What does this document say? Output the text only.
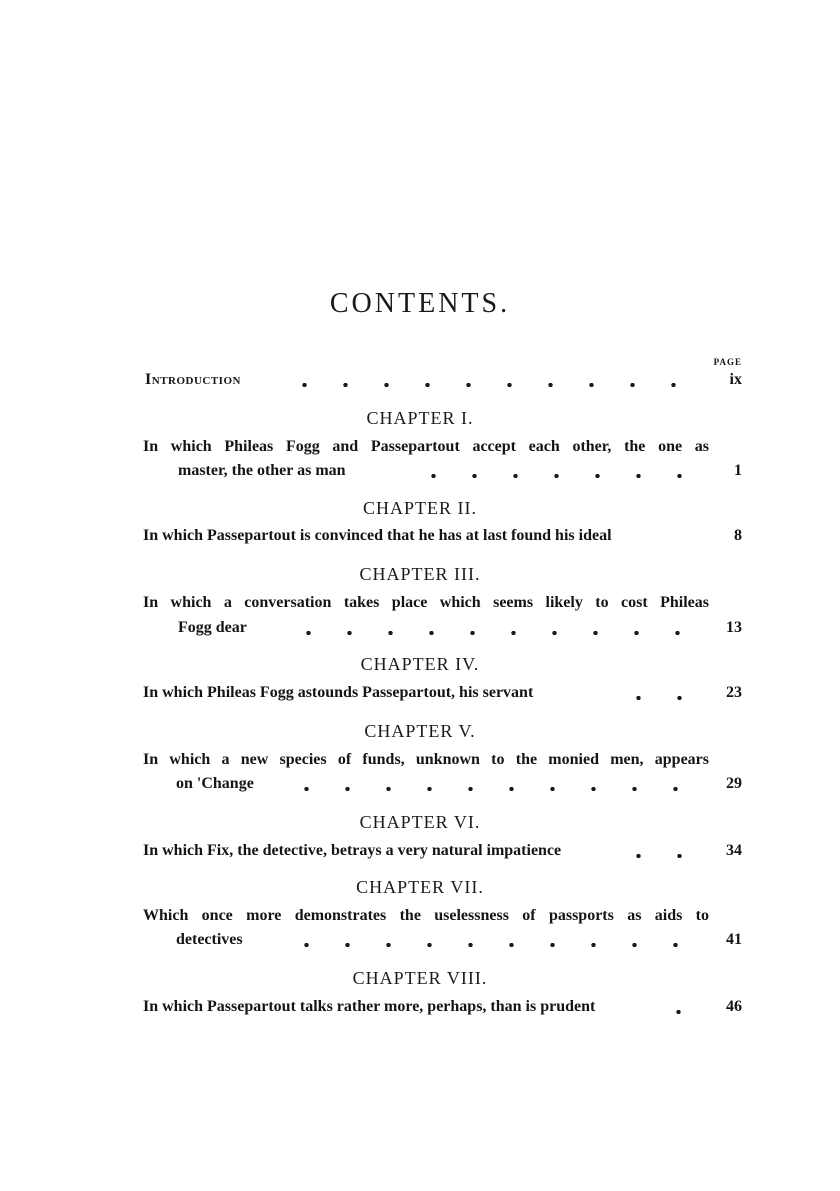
CONTENTS.
PAGE
Introduction	ix
CHAPTER I.
In which Phileas Fogg and Passepartout accept each other, the one as
master, the other as man	1
CHAPTER II.
In which Passepartout is convinced that he has at last found his ideal	8
CHAPTER III.
In which a conversation takes place which seems likely to cost Phileas
Fogg dear	13
CHAPTER IV.
In which Phileas Fogg astounds Passepartout, his servant	23
CHAPTER V.
In which a new species of funds, unknown to the monied men, appears
on 'Change	29
CHAPTER VI.
In which Fix, the detective, betrays a very natural impatience	34
CHAPTER VII.
Which once more demonstrates the uselessness of passports as aids to
detectives	41
CHAPTER VIII.
In which Passepartout talks rather more, perhaps, than is prudent	46
